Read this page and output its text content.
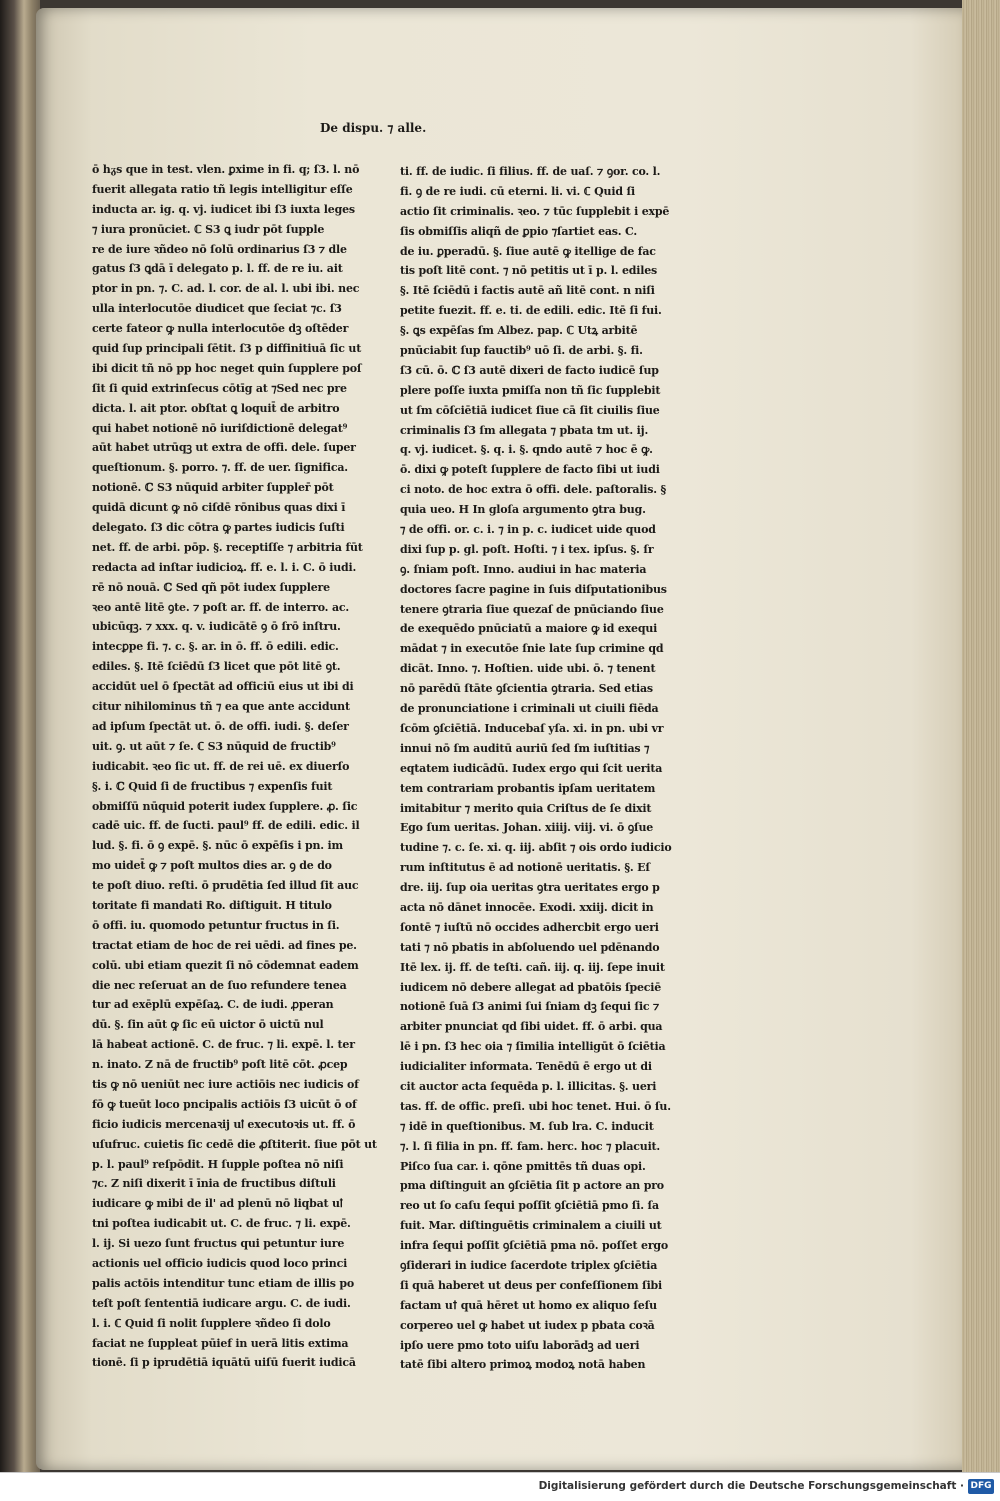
De dispu. ⁊ alle.
ō hᵹs que in test. vlen. ꝑxime in fi. q; ſ3. l. nō
fuerit allegata ratio tñ legis intelligitur eſſe
inducta ar. ig. q. vj. iudicet ibi ſ3 iuxta leges
⁊ iura pronūciet. ℂ S3 ꝗ iudr pōt ſupple
re de iure ꝛñdeo nō ſolū ordinarius ſ3 ⁊ dle
gatus ſ3 ꝗdā ī delegato p. l. ff. de re iu. ait
ptor in pn. ⁊. C. ad. l. cor. de al. l. ubi ibi. nec
ulla interlocutōe diudicet que ſeciat ⁊c. ſ3
certe fateor ꝙ nulla interlocutōe dꝫ oſtēder
quid ſup principali ſētit. ſ3 p diffinitiuā ſic ut
ibi dicit tñ nō pp hoc neget quin ſupplere poſ
ſit ſi quid extrinſecus cōtīg at ⁊Sed nec pre
dicta. l. ait ptor. obſtat ꝗ loquit̄ de arbitro
qui habet notionē nō iuriſdictionē delegat⁹
aūt habet utrūqꝫ ut extra de offi. dele. ſuper
queſtionum. §. porro. ⁊. ff. de uer. ſignifica.
notionē. ℂ S3 nūquid arbiter ſuppler̄ pōt
quidā dicunt ꝙ nō ciſdē rōnibus quas dixi ī
delegato. ſ3 dic cōtra ꝙ partes iudicis ſuſti
net. ff. de arbi. pōp. §. receptiſſe ⁊ arbitria fūt
redacta ad inſtar iudicioꝝ. ff. e. l. i. C. ō iudi.
rē nō nouā. ℂ Sed qñ pōt iudex ſupplere
ꝛeo antē litē ꝯte. ⁊ poſt ar. ff. de interro. ac.
ubicūqꝫ. ⁊ xxx. q. v. iudicātē ꝯ ō ſrō inſtru.
intecꝑpe fi. ⁊. c. §. ar. in ō. ff. ō edili. edic.
ediles. §. Itē ſciēdū ſ3 licet que pōt litē ꝯt.
accidūt uel ō ſpectāt ad officiū eius ut ibi di
citur nihilominus tñ ⁊ ea que ante accidunt
ad ipſum ſpectāt ut. ō. de offi. iudi. §. deſer
uit. ꝯ. ut aūt ⁊ ſe. ℂ S3 nūquid de fructib⁹
iudicabit. ꝛeo ſic ut. ff. de rei uē. ex diuerſo
§. i. ℂ Quid ſi de fructibus ⁊ expenſis fuit
obmiſſū nūquid poterit iudex ſupplere. ꝓ. ſic
cadē uic. ff. de ſucti. paul⁹ ff. de edili. edic. il
lud. §. fi. ō ꝯ expē. §. nūc ō expēſis i pn. im
mo uidet̄ ꝙ ⁊ poſt multos dies ar. ꝯ de do
te poſt diuo. reſti. ō prudētia ſed illud ſit auc
toritate fi mandati Ro. diſtiguit. H titulo
ō offi. iu. quomodo petuntur fructus in ſi.
tractat etiam de hoc de rei uēdi. ad fines pe.
colū. ubi etiam quezit ſi nō cōdemnat eadem
die nec reſeruat an de ſuo refundere tenea
tur ad exēplū expēſaꝝ. C. de iudi. ꝓperan
dū. §. ſin aūt ꝙ ſic eū uictor ō uictū nul
lā habeat actionē. C. de fruc. ⁊ li. expē. l. ter
n. inato. Z nā de fructib⁹ poſt litē cōt. ꝓcep
tis ꝙ nō ueniūt nec iure actiōis nec iudicis of
fō ꝙ tueūt loco pncipalis actiōis ſ3 uicūt ō of
ficio iudicis mercenaꝛij uꝉ executoꝛis ut. ff. ō
uſufruc. cuietis ſic cedē die ꝓſtiterit. ſiue pōt ut
p. l. paul⁹ reſpōdit. H ſupple poſtea nō niſi
⁊c. Z niſi dixerit ī īnia de fructibus diſtuli
iudicare ꝙ mibi de il' ad plenū nō liqbat uꝉ
tni poſtea iudicabit ut. C. de fruc. ⁊ li. expē.
l. ij. Si uezo ſunt fructus qui petuntur iure
actionis uel officio iudicis quod loco princi
palis actōis intenditur tunc etiam de illis po
teſt poſt ſententiā iudicare argu. C. de iudi.
l. i. ℂ Quid ſi nolit ſupplere ꝛñdeo ſi dolo
faciat ne ſuppleat pūief in uerā litis extima
tionē. ſi p iprudētiā iquātū uiſū fuerit iudicā
ti. ff. de iudic. ſi filius. ff. de uaſ. ⁊ ꝯor. co. l.
fi. ꝯ de re iudi. cū eterni. li. vi. ℂ Quid ſi
actio ſit criminalis. ꝛeo. ⁊ tūc ſupplebit i expē
ſis obmiſſis aliqñ de ꝑpio ⁊ſartiet eas. C.
de iu. ꝑperadū. §. ſiue autē ꝙ itellige de fac
tis poſt litē cont. ⁊ nō petitis ut ī p. l. ediles
§. Itē ſciēdū i factis autē añ litē cont. n niſi
petite fuezit. ff. e. ti. de edili. edic. Itē ſi fui.
§. ꝗs expēſas ſm Albez. pap. ℂ Utꝝ arbitē
pnūciabit ſup fauctib⁹ uō ſi. de arbi. §. fi.
ſ3 cū. ō. ℂ ſ3 autē dixeri de facto iudicē ſup
plere poſſe iuxta pmiſſa non tñ ſic ſupplebit
ut ſm cōſciētiā iudicet ſiue cā ſit ciuilis ſiue
criminalis ſ3 ſm allegata ⁊ pbata tm ut. ij.
q. vj. iudicet. §. q. i. §. qndo autē ⁊ hoc ē ꝙ.
ō. dixi ꝙ poteſt ſupplere de facto ſibi ut iudi
ci noto. de hoc extra ō offi. dele. paſtoralis. §
quia ueo. H In gloſa argumento ꝯtra bug.
⁊ de offi. or. c. i. ⁊ in p. c. iudicet uide quod
dixi ſup p. gl. poſt. Hoſti. ⁊ i tex. ipſus. §. ſr
ꝯ. ſniam poſt. Inno. audiui in hac materia
doctores ſacre pagine in ſuis diſputationibus
tenere ꝯtraria ſiue quezaſ de pnūciando ſiue
de exequēdo pnūciatū a maiore ꝙ id exequi
mādat ⁊ in executōe ſnie late ſup crimine qd
dicāt. Inno. ⁊. Hoſtien. uide ubi. ō. ⁊ tenent
nō parēdū ſtāte ꝯſcientia ꝯtraria. Sed etias
de pronunciatione i criminali ut ciuili fiēda
ſcōm ꝯſciētiā. Inducebaſ yſa. xi. in pn. ubi vr
innui nō ſm auditū auriū ſed ſm iuſtitias ⁊
eqtatem iudicādū. Iudex ergo qui ſcit uerita
tem contrariam probantis ipſam ueritatem
imitabitur ⁊ merito quia Criſtus de ſe dixit
Ego ſum ueritas. Johan. xiiij. viij. vi. ō ꝯſue
tudine ⁊. c. ſe. xi. q. iij. abſit ⁊ ois ordo iudicio
rum inſtitutus ē ad notionē ueritatis. §. Eſ
dre. iij. ſup oia ueritas ꝯtra ueritates ergo p
acta nō dānet innocēe. Exodi. xxiij. dicit in
ſontē ⁊ iuſtū nō occides adhercbit ergo ueri
tati ⁊ nō pbatis in abſoluendo uel pdēnando
Itē lex. ij. ff. de teſti. cañ. iij. q. iij. ſepe inuit
iudicem nō debere allegat ad pbatōis ſpeciē
notionē ſuā ſ3 animi ſui ſniam dꝫ ſequi ſic ⁊
arbiter pnunciat qd ſibi uidet. ff. ō arbi. qua
lē i pn. ſ3 hec oia ⁊ ſimilia intelligūt ō ſciētia
iudicialiter informata. Tenēdū ē ergo ut di
cit auctor acta ſequēda p. l. illicitas. §. ueri
tas. ff. de offic. preſi. ubi hoc tenet. Hui. ō ſu.
⁊ idē in queſtionibus. M. ſub lra. C. inducit
⁊. l. ſi filia in pn. ff. fam. herc. hoc ⁊ placuit.
Piſco ſua car. i. qōne pmittēs tñ duas opi.
pma diſtinguit an ꝯſciētia ſit p actore an pro
reo ut ſo caſu ſequi poſſit ꝯſciētiā pmo ſi. ſa
fuit. Mar. diſtinguētis criminalem a ciuili ut
infra ſequi poſſit ꝯſciētiā pma nō. poſſet ergo
ꝯſiderari in iudice ſacerdote triplex ꝯſciētia
ſi quā haberet ut deus per confeſſionem ſibi
factam uꝉ quā hēret ut homo ex aliquo ſeſu
corpereo uel ꝙ habet ut iudex p pbata coꝛā
ipſo uere pmo toto uiſu laborādꝫ ad ueri
tatē ſibi altero primoꝝ modoꝝ notā haben
Digitalisierung gefördert durch die Deutsche Forschungsgemeinschaft · DFG
